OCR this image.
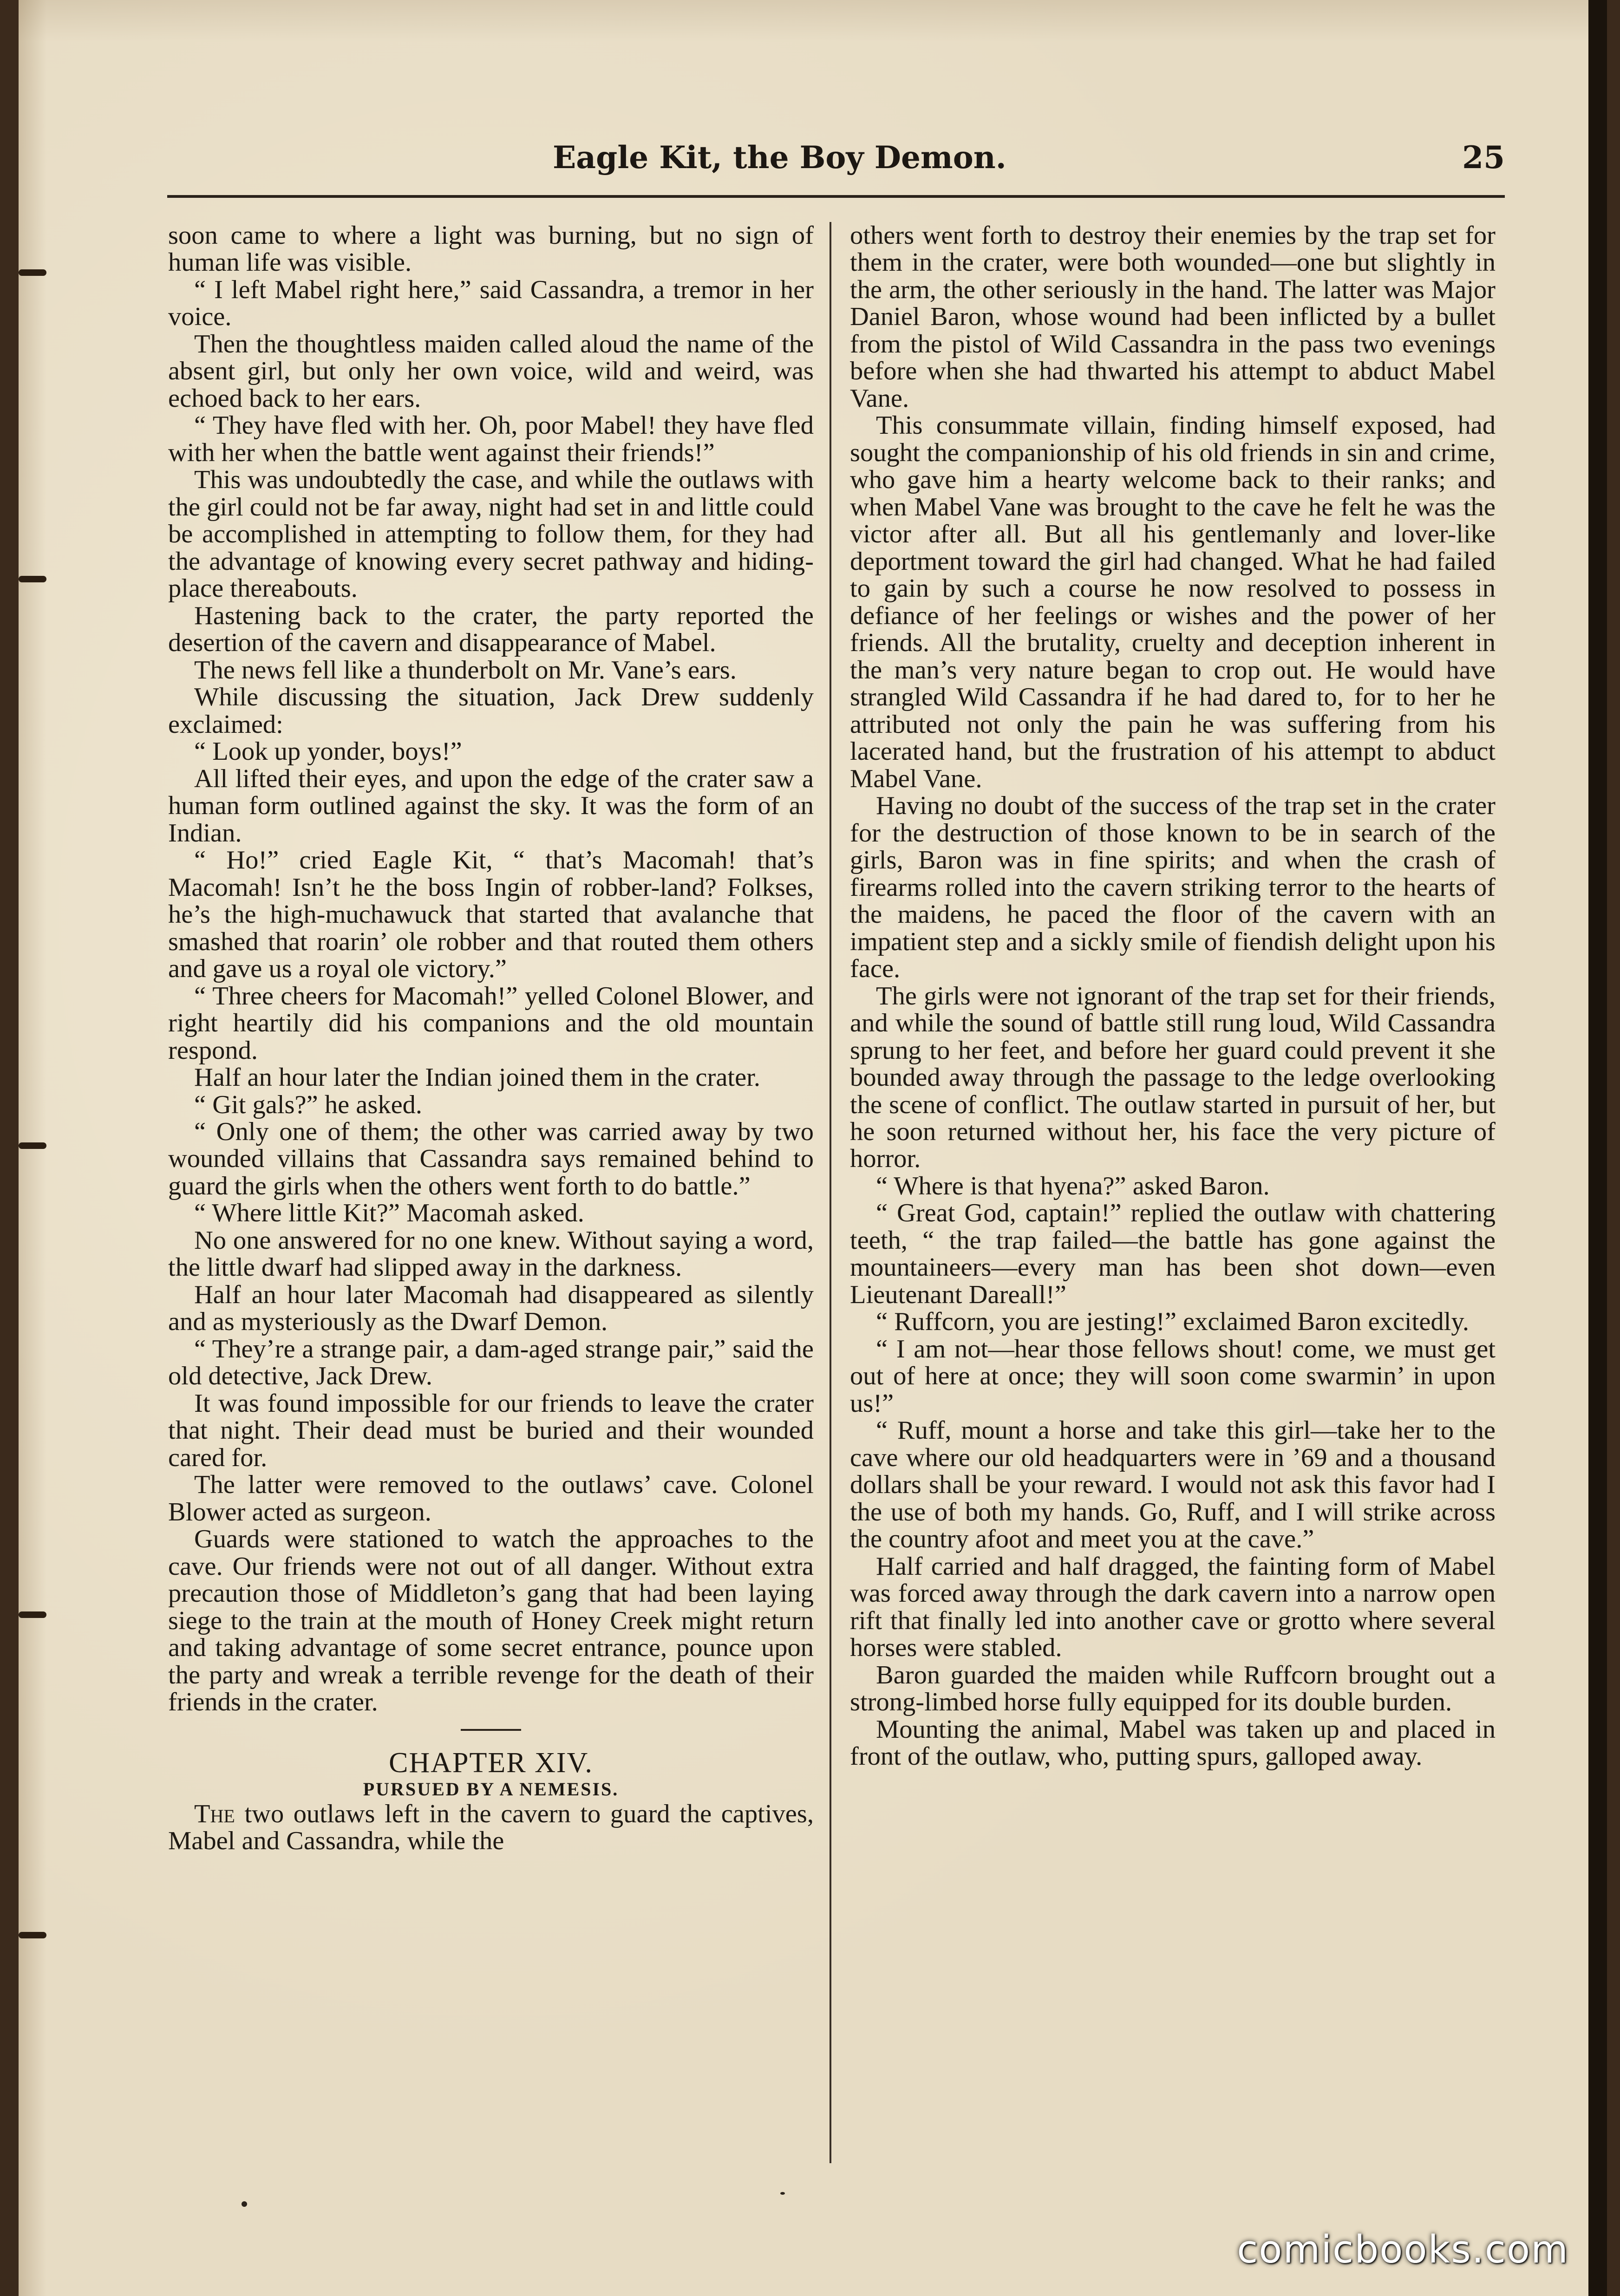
Eagle Kit, the Boy Demon.	25

soon came to where a light was burning, but no sign of human life was visible.

“ I left Mabel right here,” said Cassandra, a tremor in her voice.

Then the thoughtless maiden called aloud the name of the absent girl, but only her own voice, wild and weird, was echoed back to her ears.

“ They have fled with her. Oh, poor Mabel! they have fled with her when the battle went against their friends!”

This was undoubtedly the case, and while the outlaws with the girl could not be far away, night had set in and little could be accomplished in attempting to follow them, for they had the advantage of knowing every secret pathway and hiding-place thereabouts.

Hastening back to the crater, the party reported the desertion of the cavern and disappearance of Mabel.

The news fell like a thunderbolt on Mr. Vane’s ears.

While discussing the situation, Jack Drew suddenly exclaimed:

“ Look up yonder, boys!”

All lifted their eyes, and upon the edge of the crater saw a human form outlined against the sky. It was the form of an Indian.

“ Ho!” cried Eagle Kit, “ that’s Macomah! that’s Macomah! Isn’t he the boss Ingin of robber-land? Folkses, he’s the high-muchawuck that started that avalanche that smashed that roarin’ ole robber and that routed them others and gave us a royal ole victory.”

“ Three cheers for Macomah!” yelled Colonel Blower, and right heartily did his companions and the old mountain respond.

Half an hour later the Indian joined them in the crater.

“ Git gals?” he asked.

“ Only one of them; the other was carried away by two wounded villains that Cassandra says remained behind to guard the girls when the others went forth to do battle.”

“ Where little Kit?” Macomah asked.

No one answered for no one knew. Without saying a word, the little dwarf had slipped away in the darkness.

Half an hour later Macomah had disappeared as silently and as mysteriously as the Dwarf Demon.

“ They’re a strange pair, a dam-aged strange pair,” said the old detective, Jack Drew.

It was found impossible for our friends to leave the crater that night. Their dead must be buried and their wounded cared for.

The latter were removed to the outlaws’ cave. Colonel Blower acted as surgeon.

Guards were stationed to watch the approaches to the cave. Our friends were not out of all danger. Without extra precaution those of Middleton’s gang that had been laying siege to the train at the mouth of Honey Creek might return and taking advantage of some secret entrance, pounce upon the party and wreak a terrible revenge for the death of their friends in the crater.

CHAPTER XIV.

PURSUED BY A NEMESIS.

The two outlaws left in the cavern to guard the captives, Mabel and Cassandra, while the

others went forth to destroy their enemies by the trap set for them in the crater, were both wounded—one but slightly in the arm, the other seriously in the hand. The latter was Major Daniel Baron, whose wound had been inflicted by a bullet from the pistol of Wild Cassandra in the pass two evenings before when she had thwarted his attempt to abduct Mabel Vane.

This consummate villain, finding himself exposed, had sought the companionship of his old friends in sin and crime, who gave him a hearty welcome back to their ranks; and when Mabel Vane was brought to the cave he felt he was the victor after all. But all his gentlemanly and lover-like deportment toward the girl had changed. What he had failed to gain by such a course he now resolved to possess in defiance of her feelings or wishes and the power of her friends. All the brutality, cruelty and deception inherent in the man’s very nature began to crop out. He would have strangled Wild Cassandra if he had dared to, for to her he attributed not only the pain he was suffering from his lacerated hand, but the frustration of his attempt to abduct Mabel Vane.

Having no doubt of the success of the trap set in the crater for the destruction of those known to be in search of the girls, Baron was in fine spirits; and when the crash of firearms rolled into the cavern striking terror to the hearts of the maidens, he paced the floor of the cavern with an impatient step and a sickly smile of fiendish delight upon his face.

The girls were not ignorant of the trap set for their friends, and while the sound of battle still rung loud, Wild Cassandra sprung to her feet, and before her guard could prevent it she bounded away through the passage to the ledge overlooking the scene of conflict. The outlaw started in pursuit of her, but he soon returned without her, his face the very picture of horror.

“ Where is that hyena?” asked Baron.

“ Great God, captain!” replied the outlaw with chattering teeth, “ the trap failed—the battle has gone against the mountaineers—every man has been shot down—even Lieutenant Dareall!”

“ Ruffcorn, you are jesting!” exclaimed Baron excitedly.

“ I am not—hear those fellows shout! come, we must get out of here at once; they will soon come swarmin’ in upon us!”

“ Ruff, mount a horse and take this girl—take her to the cave where our old headquarters were in ’69 and a thousand dollars shall be your reward. I would not ask this favor had I the use of both my hands. Go, Ruff, and I will strike across the country afoot and meet you at the cave.”

Half carried and half dragged, the fainting form of Mabel was forced away through the dark cavern into a narrow open rift that finally led into another cave or grotto where several horses were stabled.

Baron guarded the maiden while Ruffcorn brought out a strong-limbed horse fully equipped for its double burden.

Mounting the animal, Mabel was taken up and placed in front of the outlaw, who, putting spurs, galloped away.

comicbooks.com
